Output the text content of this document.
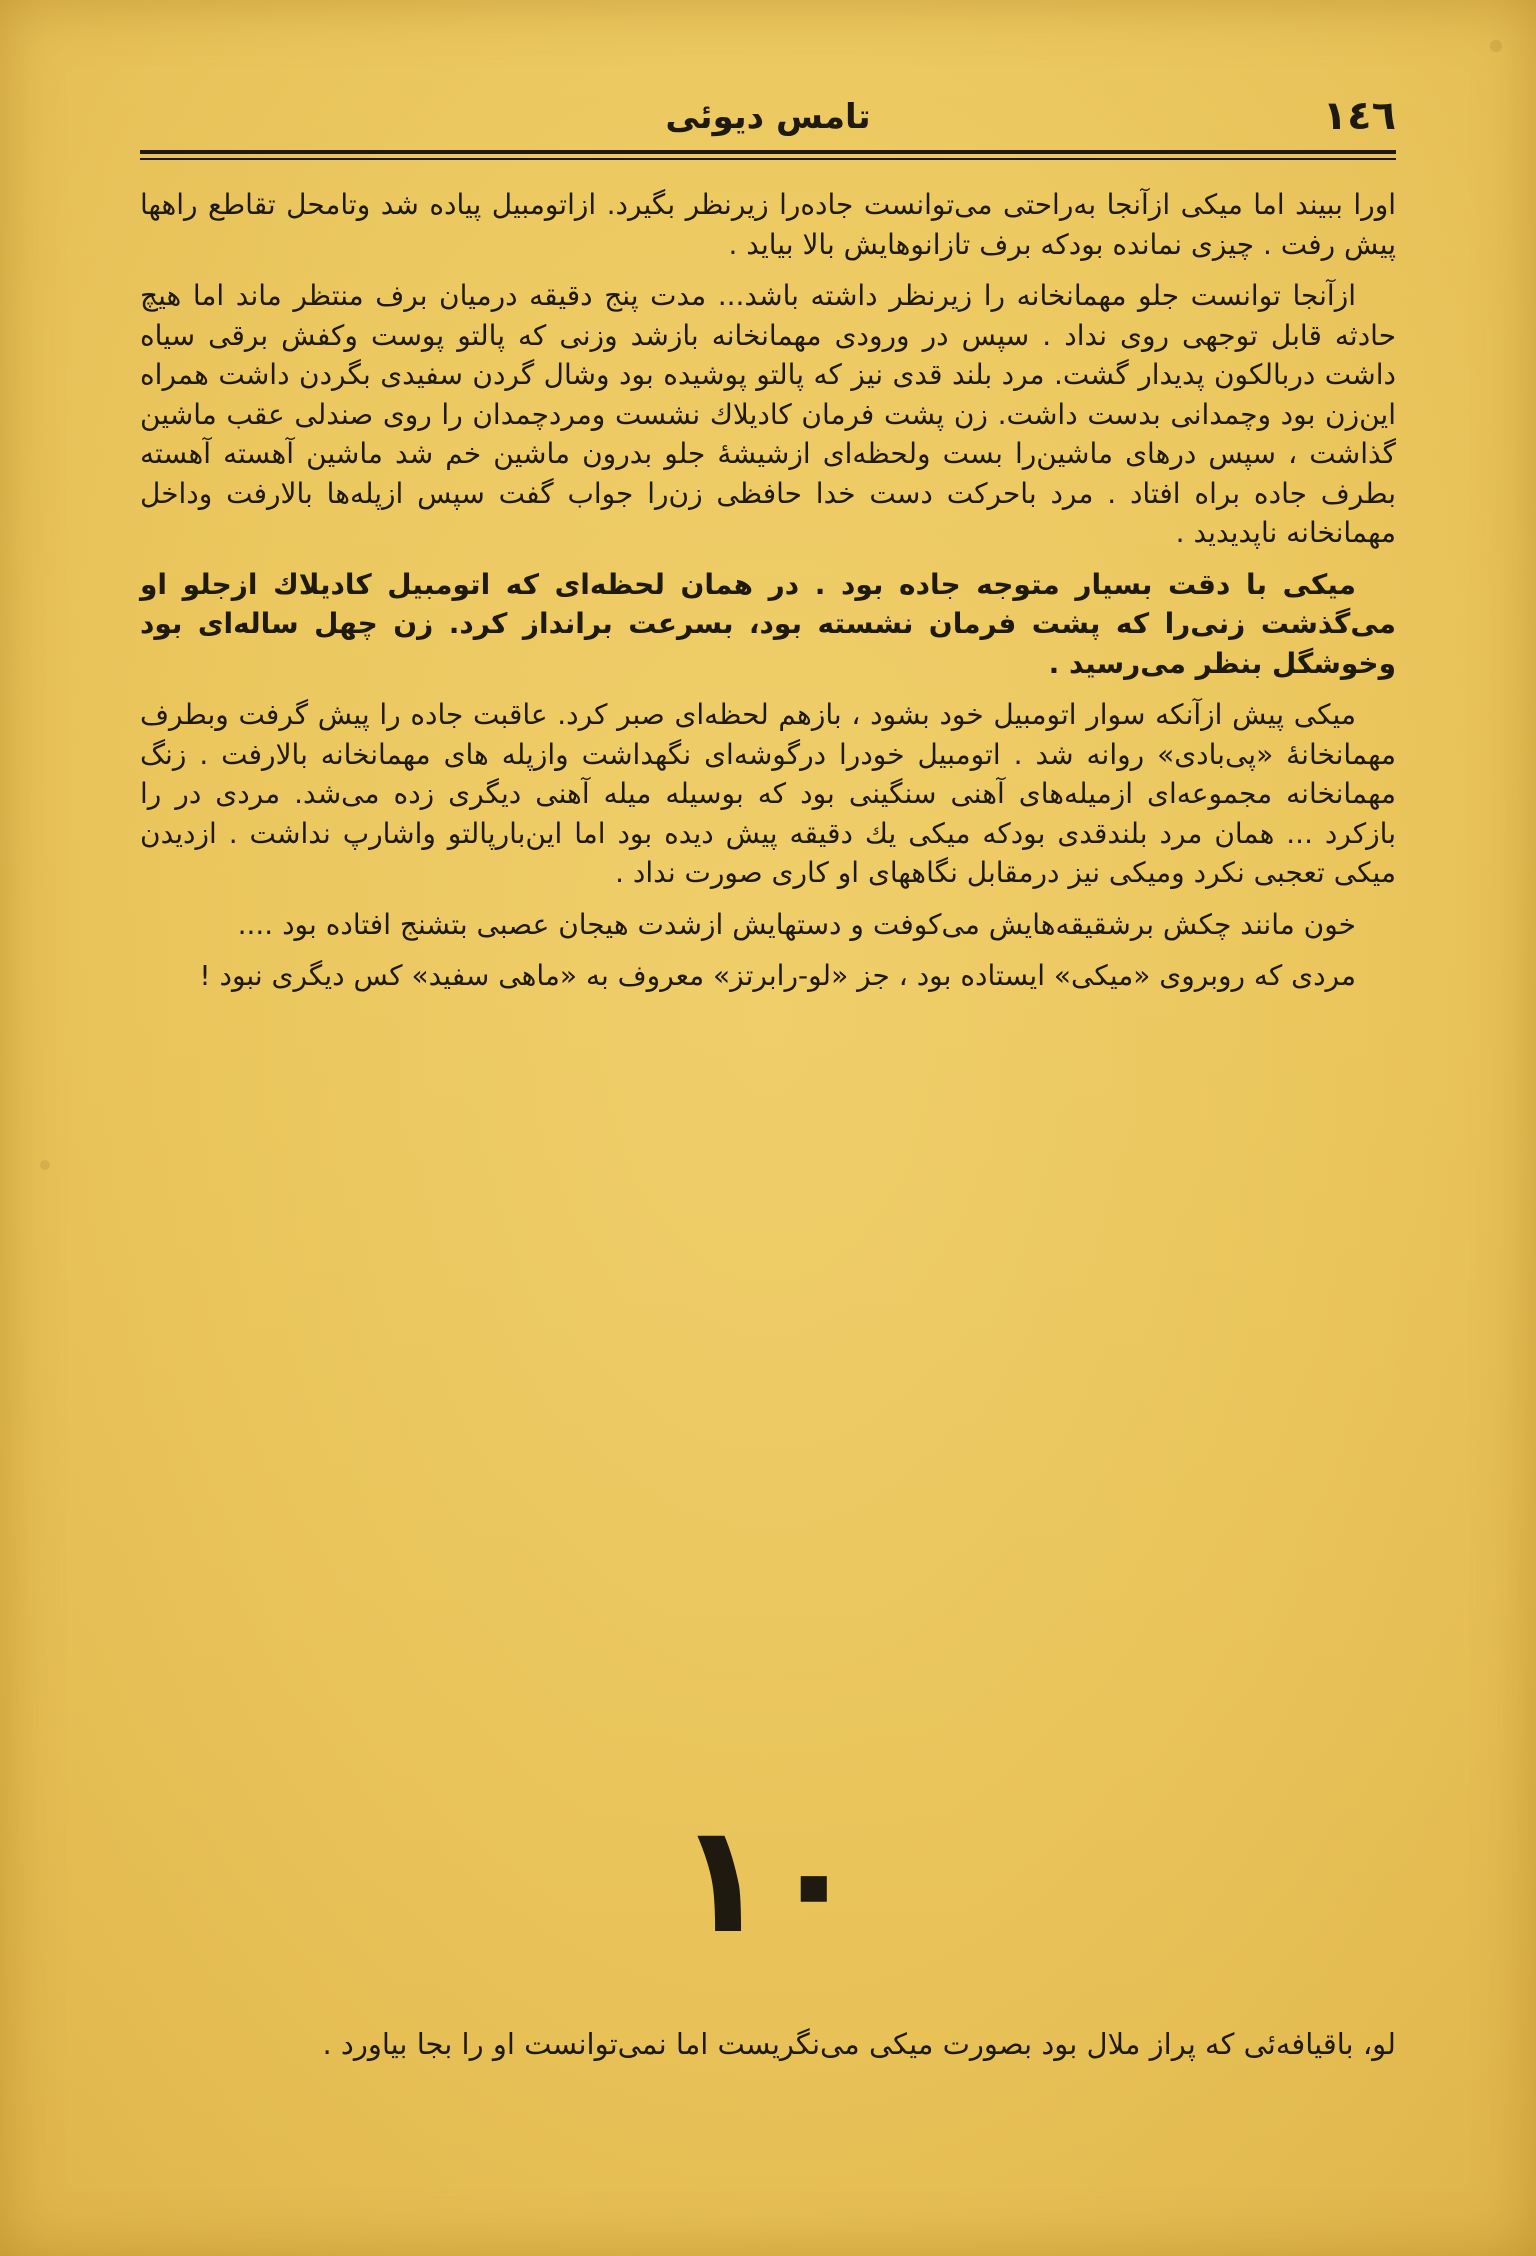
١٤٦
تامس ديوئی

اورا ببیند اما میکی ازآنجا به‌راحتی می‌توانست جاده‌را زیرنظر بگیرد. ازاتومبیل پیاده شد وتامحل تقاطع راهها پیش رفت . چیزی نمانده بودکه برف تازانوهایش بالا بیاید .

ازآنجا توانست جلو مهمانخانه را زیرنظر داشته باشد... مدت پنج دقیقه درمیان برف منتظر ماند اما هیچ حادثه قابل توجهی روی نداد . سپس در ورودی مهمانخانه بازشد وزنی که پالتو پوست وکفش برقی سیاه داشت دربالکون پدیدار گشت. مرد بلند قدی نیز که پالتو پوشیده بود وشال گردن سفیدی بگردن داشت همراه این‌زن بود وچمدانی بدست داشت. زن پشت فرمان کادیلاك نشست ومردچمدان را روی صندلی عقب ماشین گذاشت ، سپس درهای ماشین‌را بست ولحظه‌ای ازشیشهٔ جلو بدرون ماشین خم شد ماشین آهسته آهسته بطرف جاده براه افتاد . مرد باحرکت دست خدا حافظی زن‌را جواب گفت سپس ازپله‌ها بالارفت وداخل مهمانخانه ناپدیدید .

میکی با دقت بسیار متوجه جاده بود . در همان لحظه‌ای که اتومبیل کادیلاك ازجلو او می‌گذشت زنی‌را که پشت فرمان نشسته بود، بسرعت برانداز کرد. زن چهل ساله‌ای بود وخوشگل بنظر می‌رسید .

میکی پیش ازآنکه سوار اتومبیل خود بشود ، بازهم لحظه‌ای صبر کرد. عاقبت جاده را پیش گرفت وبطرف مهمانخانهٔ «پی‌بادی» روانه شد . اتومبیل خودرا درگوشه‌ای نگهداشت وازپله های مهمانخانه بالارفت . زنگ مهمانخانه مجموعه‌ای ازمیله‌های آهنی سنگینی بود که بوسیله میله آهنی دیگری زده می‌شد. مردی در را بازکرد ... همان مرد بلندقدی بودکه میکی یك دقیقه پیش دیده بود اما این‌بارپالتو واشارپ نداشت . ازدیدن میکی تعجبی نکرد ومیکی نیز درمقابل نگاههای او کاری صورت نداد .

خون مانند چکش برشقیقه‌هایش می‌کوفت و دستهایش ازشدت هیجان عصبی بتشنج افتاده بود ....

مردی که روبروی «میکی» ایستاده بود ، جز «لو-رابرتز» معروف به «ماهی سفید» کس دیگری نبود !

۱۰

لو، باقیافه‌ئی که پراز ملال بود بصورت میکی می‌نگریست اما نمی‌توانست او را بجا بیاورد .
